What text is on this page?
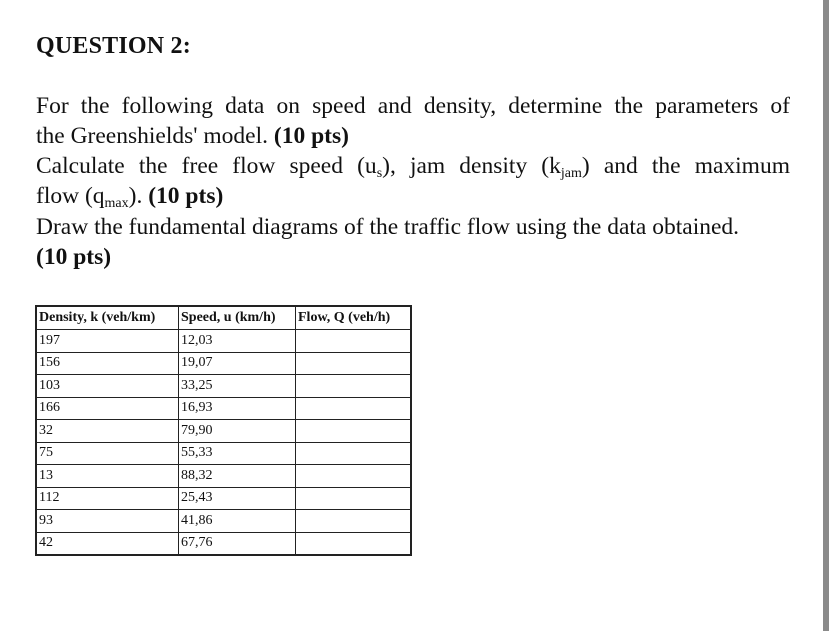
QUESTION 2:
For the following data on speed and density, determine the parameters of
the Greenshields' model. (10 pts)
Calculate the free flow speed $(u_s)$, jam density $(k_{jam})$ and the maximum
flow $(q_{max})$. (10 pts)
Draw the fundamental diagrams of the traffic flow using the data obtained.
(10 pts)
Density, k (veh/km)	Speed, u (km/h)	Flow, Q (veh/h)
197	12,03	
156	19,07	
103	33,25	
166	16,93	
32	79,90	
75	55,33	
13	88,32	
112	25,43	
93	41,86	
42	67,76	
